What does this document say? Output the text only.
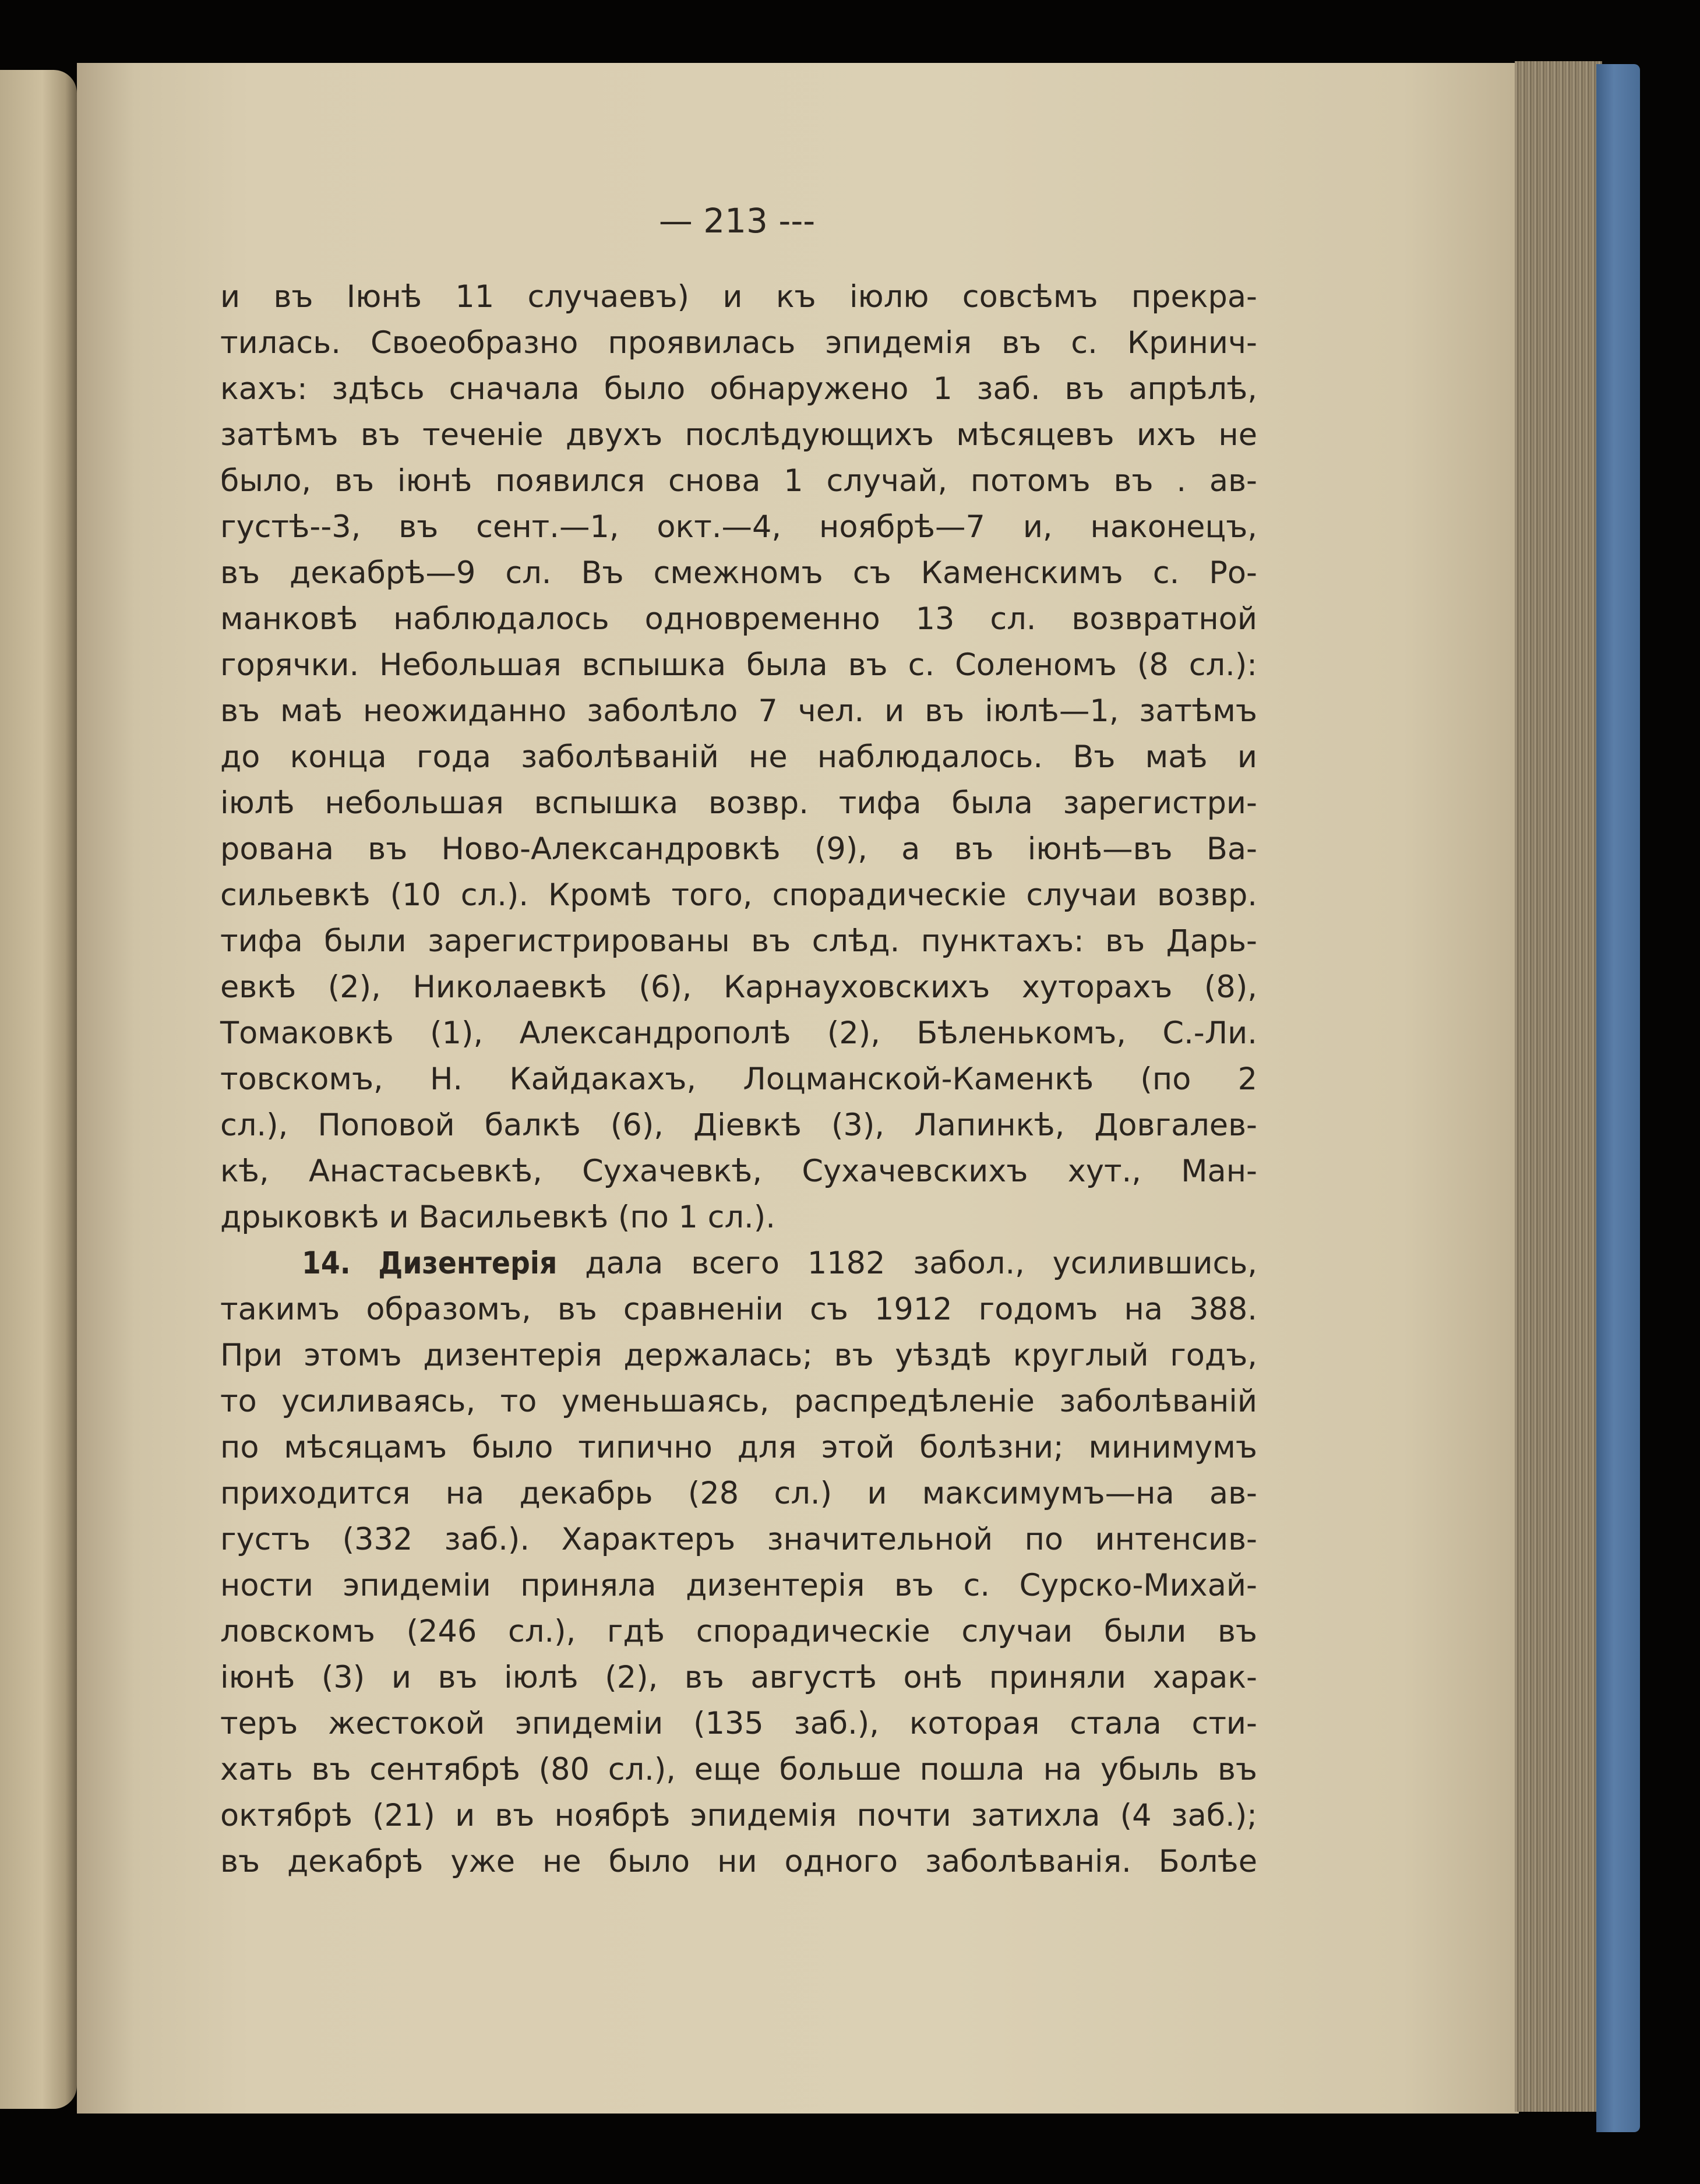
— 213 ---
и въ Іюнѣ 11 случаевъ) и къ іюлю совсѣмъ прекра-
тилась. Своеобразно проявилась эпидемія въ с. Кринич-
кахъ: здѣсь сначала было обнаружено 1 заб. въ апрѣлѣ,
затѣмъ въ теченіе двухъ послѣдующихъ мѣсяцевъ ихъ не
было, въ іюнѣ появился снова 1 случай, потомъ въ . ав-
густѣ--3, въ сент.—1, окт.—4, ноябрѣ—7 и, наконецъ,
въ декабрѣ—9 сл. Въ смежномъ съ Каменскимъ с. Ро-
манковѣ наблюдалось одновременно 13 сл. возвратной
горячки. Небольшая вспышка была въ с. Соленомъ (8 сл.):
въ маѣ неожиданно заболѣло 7 чел. и въ іюлѣ—1, затѣмъ
до конца года заболѣваній не наблюдалось. Въ маѣ и
іюлѣ небольшая вспышка возвр. тифа была зарегистри-
рована въ Ново-Александровкѣ (9), а въ іюнѣ—въ Ва-
сильевкѣ (10 сл.). Кромѣ того, спорадическіе случаи возвр.
тифа были зарегистрированы въ слѣд. пунктахъ: въ Дарь-
евкѣ (2), Николаевкѣ (6), Карнауховскихъ хуторахъ (8),
Томаковкѣ (1), Александрополѣ (2), Бѣленькомъ, С.-Ли.
товскомъ, Н. Кайдакахъ, Лоцманской-Каменкѣ (по 2
сл.), Поповой балкѣ (6), Діевкѣ (3), Лапинкѣ, Довгалев-
кѣ, Анастасьевкѣ, Сухачевкѣ, Сухачевскихъ хут., Ман-
дрыковкѣ и Васильевкѣ (по 1 сл.).
14. Дизентерія дала всего 1182 забол., усилившись,
такимъ образомъ, въ сравненіи съ 1912 годомъ на 388.
При этомъ дизентерія держалась; въ уѣздѣ круглый годъ,
то усиливаясь, то уменьшаясь, распредѣленіе заболѣваній
по мѣсяцамъ было типично для этой болѣзни; минимумъ
приходится на декабрь (28 сл.) и максимумъ—на ав-
густъ (332 заб.). Характеръ значительной по интенсив-
ности эпидеміи приняла дизентерія въ с. Сурско-Михай-
ловскомъ (246 сл.), гдѣ спорадическіе случаи были въ
іюнѣ (3) и въ іюлѣ (2), въ августѣ онѣ приняли харак-
теръ жестокой эпидеміи (135 заб.), которая стала сти-
хать въ сентябрѣ (80 сл.), еще больше пошла на убыль въ
октябрѣ (21) и въ ноябрѣ эпидемія почти затихла (4 заб.);
въ декабрѣ уже не было ни одного заболѣванія. Болѣе
